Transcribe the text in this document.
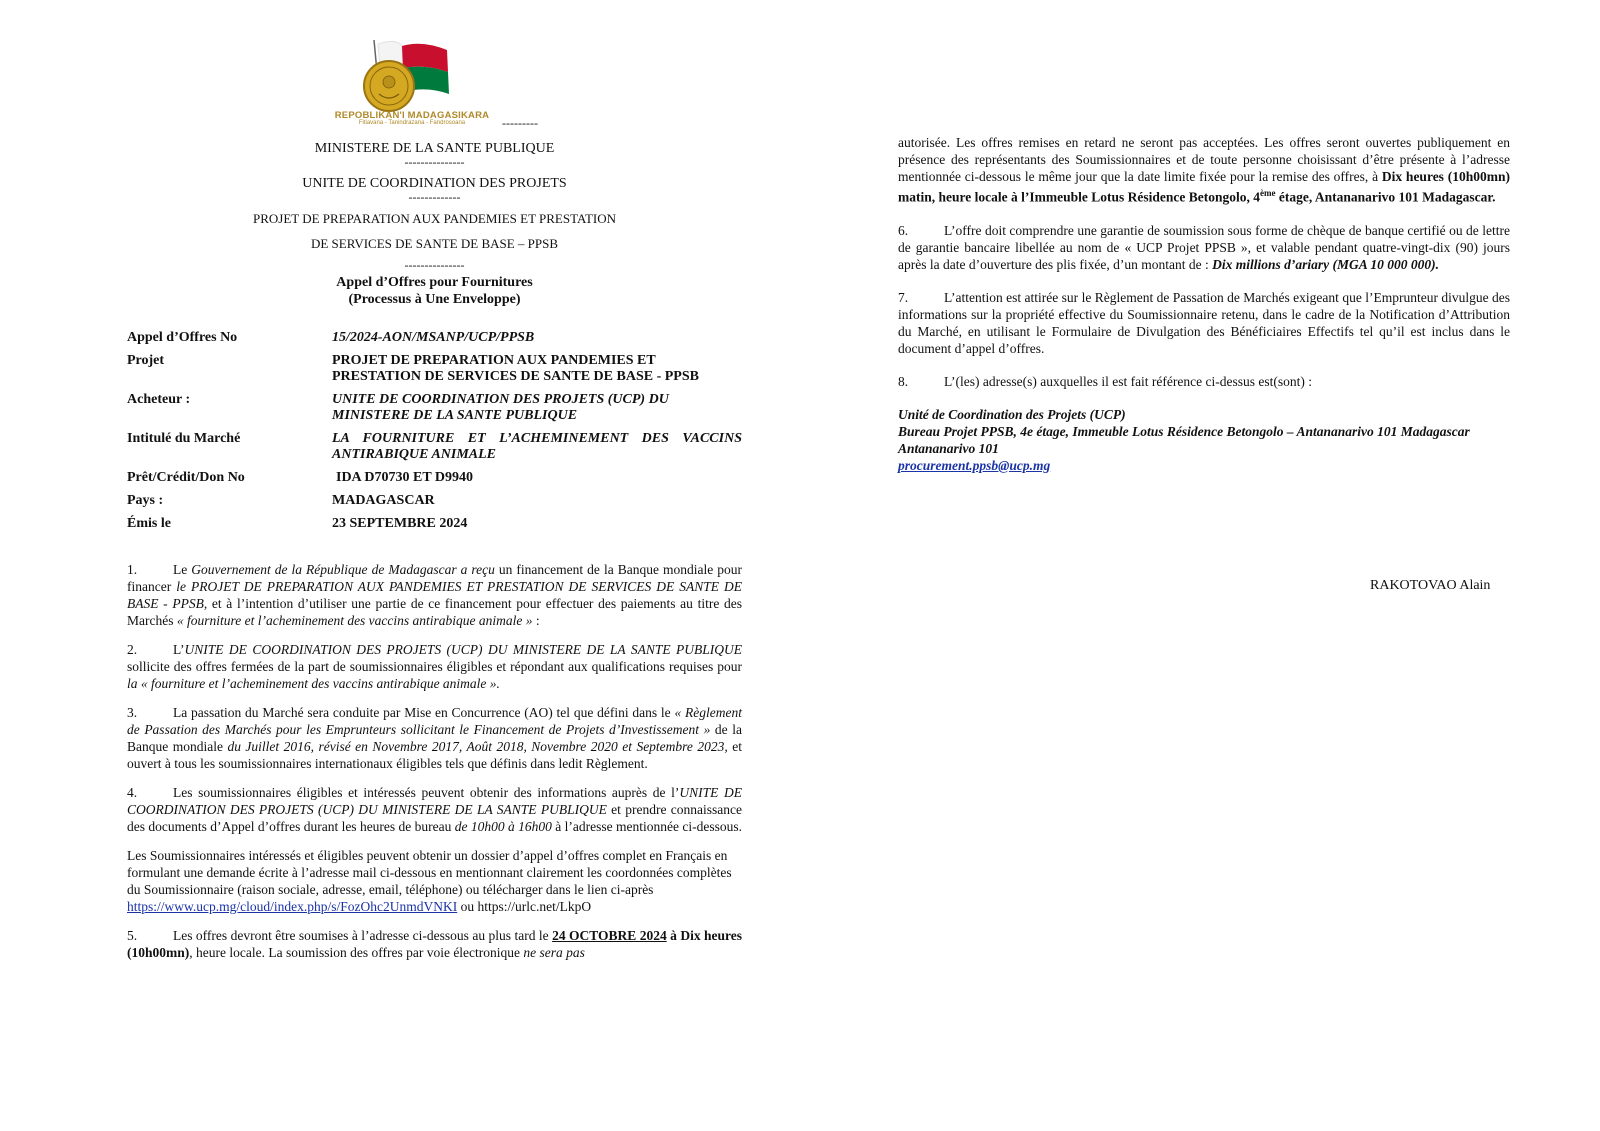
REPOBLIKAN'I MADAGASIKARA
Fitiavana - Tanindrazana - Fandrosoana	---------

MINISTERE DE LA SANTE PUBLIQUE

---------------

UNITE DE COORDINATION DES PROJETS

-------------

PROJET DE PREPARATION AUX PANDEMIES ET PRESTATION

DE SERVICES DE SANTE DE BASE – PPSB

---------------

Appel d’Offres pour Fournitures
(Processus à Une Enveloppe)
Appel d’Offres No	15/2024-AON/MSANP/UCP/PPSB
Projet	PROJET DE PREPARATION AUX PANDEMIES ET PRESTATION DE SERVICES DE SANTE DE BASE - PPSB
Acheteur :	UNITE DE COORDINATION DES PROJETS (UCP) DU MINISTERE DE LA SANTE PUBLIQUE
Intitulé du Marché	LA FOURNITURE ET L’ACHEMINEMENT DES VACCINS ANTIRABIQUE ANIMALE
Prêt/Crédit/Don No	IDA D70730 ET D9940
Pays :	MADAGASCAR
Émis le	23 SEPTEMBRE 2024

1.	Le Gouvernement de la République de Madagascar a reçu un financement de la Banque mondiale pour financer le PROJET DE PREPARATION AUX PANDEMIES ET PRESTATION DE SERVICES DE SANTE DE BASE - PPSB, et à l’intention d’utiliser une partie de ce financement pour effectuer des paiements au titre des Marchés « fourniture et l’acheminement des vaccins antirabique animale » :

2.	L’UNITE DE COORDINATION DES PROJETS (UCP) DU MINISTERE DE LA SANTE PUBLIQUE sollicite des offres fermées de la part de soumissionnaires éligibles et répondant aux qualifications requises pour la « fourniture et l’acheminement des vaccins antirabique animale ».

3.	La passation du Marché sera conduite par Mise en Concurrence (AO) tel que défini dans le « Règlement de Passation des Marchés pour les Emprunteurs sollicitant le Financement de Projets d’Investissement » de la Banque mondiale du Juillet 2016, révisé en Novembre 2017, Août 2018, Novembre 2020 et Septembre 2023, et ouvert à tous les soumissionnaires internationaux éligibles tels que définis dans ledit Règlement.

4.	Les soumissionnaires éligibles et intéressés peuvent obtenir des informations auprès de l’UNITE DE COORDINATION DES PROJETS (UCP) DU MINISTERE DE LA SANTE PUBLIQUE et prendre connaissance des documents d’Appel d’offres durant les heures de bureau de 10h00 à 16h00 à l’adresse mentionnée ci-dessous.

Les Soumissionnaires intéressés et éligibles peuvent obtenir un dossier d’appel d’offres complet en Français en formulant une demande écrite à l’adresse mail ci-dessous en mentionnant clairement les coordonnées complètes du Soumissionnaire (raison sociale, adresse, email, téléphone) ou télécharger dans le lien ci-après https://www.ucp.mg/cloud/index.php/s/FozOhc2UnmdVNKI ou https://urlc.net/LkpO

5.	Les offres devront être soumises à l’adresse ci-dessous au plus tard le 24 OCTOBRE 2024 à Dix heures (10h00mn), heure locale. La soumission des offres par voie électronique ne sera pas

autorisée. Les offres remises en retard ne seront pas acceptées. Les offres seront ouvertes publiquement en présence des représentants des Soumissionnaires et de toute personne choisissant d’être présente à l’adresse mentionnée ci-dessous le même jour que la date limite fixée pour la remise des offres, à Dix heures (10h00mn) matin, heure locale à l’Immeuble Lotus Résidence Betongolo, 4ème étage, Antananarivo 101 Madagascar.

6.	L’offre doit comprendre une garantie de soumission sous forme de chèque de banque certifié ou de lettre de garantie bancaire libellée au nom de « UCP Projet PPSB », et valable pendant quatre-vingt-dix (90) jours après la date d’ouverture des plis fixée, d’un montant de : Dix millions d’ariary (MGA 10 000 000).

7.	L’attention est attirée sur le Règlement de Passation de Marchés exigeant que l’Emprunteur divulgue des informations sur la propriété effective du Soumissionnaire retenu, dans le cadre de la Notification d’Attribution du Marché, en utilisant le Formulaire de Divulgation des Bénéficiaires Effectifs tel qu’il est inclus dans le document d’appel d’offres.

8.	L’(les) adresse(s) auxquelles il est fait référence ci-dessus est(sont) :

Unité de Coordination des Projets (UCP)
Bureau Projet PPSB, 4e étage, Immeuble Lotus Résidence Betongolo – Antananarivo 101 Madagascar
Antananarivo 101
procurement.ppsb@ucp.mg
RAKOTOVAO Alain
